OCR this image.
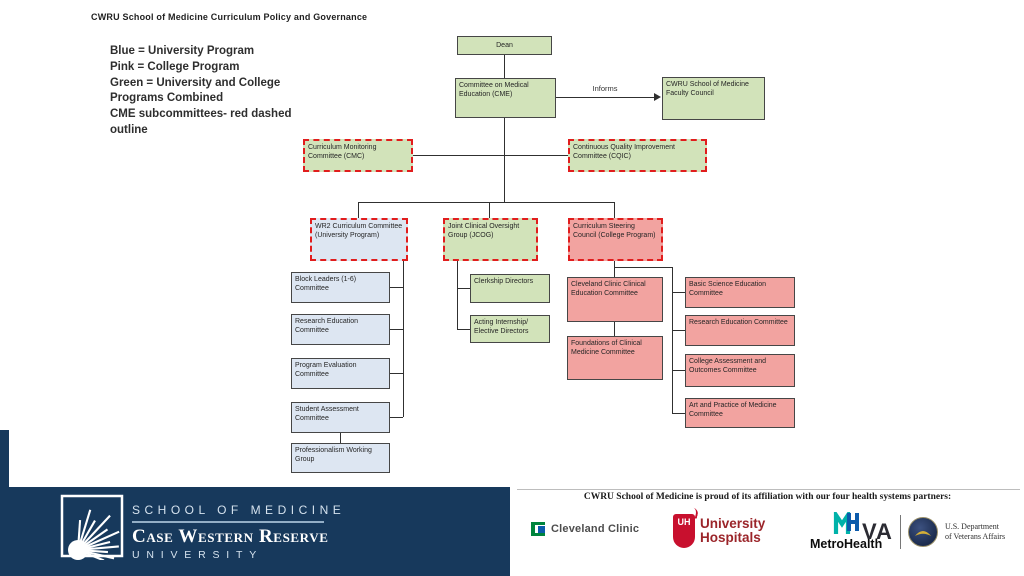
CWRU School of Medicine Curriculum Policy and Governance
Blue = University Program
Pink = College Program
Green = University and College
Programs Combined
CME subcommittees- red dashed
outline
Dean
Committee on Medical Education (CME)
CWRU School of Medicine Faculty Council
Curriculum Monitoring Committee (CMC)
Continuous Quality Improvement Committee (CQIC)
WR2 Curriculum Committee (University Program)
Joint Clinical Oversight Group (JCOG)
Curriculum Steering Council (College Program)
Block Leaders (1-6) Committee
Research Education Committee
Program Evaluation Committee
Student Assessment Committee
Professionalism Working Group
Clerkship Directors
Acting Internship/ Elective Directors
Cleveland Clinic Clinical Education Committee
Foundations of Clinical Medicine Committee
Basic Science Education Committee
Research Education Committee
College Assessment and Outcomes Committee
Art and Practice of Medicine Committee
Informs
SCHOOL OF MEDICINE
Case Western Reserve
UNIVERSITY
CWRU School of Medicine is proud of its affiliation with our four health systems partners:
Cleveland Clinic
UH University
Hospitals	MetroHealth
VA	U.S. Department
of Veterans Affairs
